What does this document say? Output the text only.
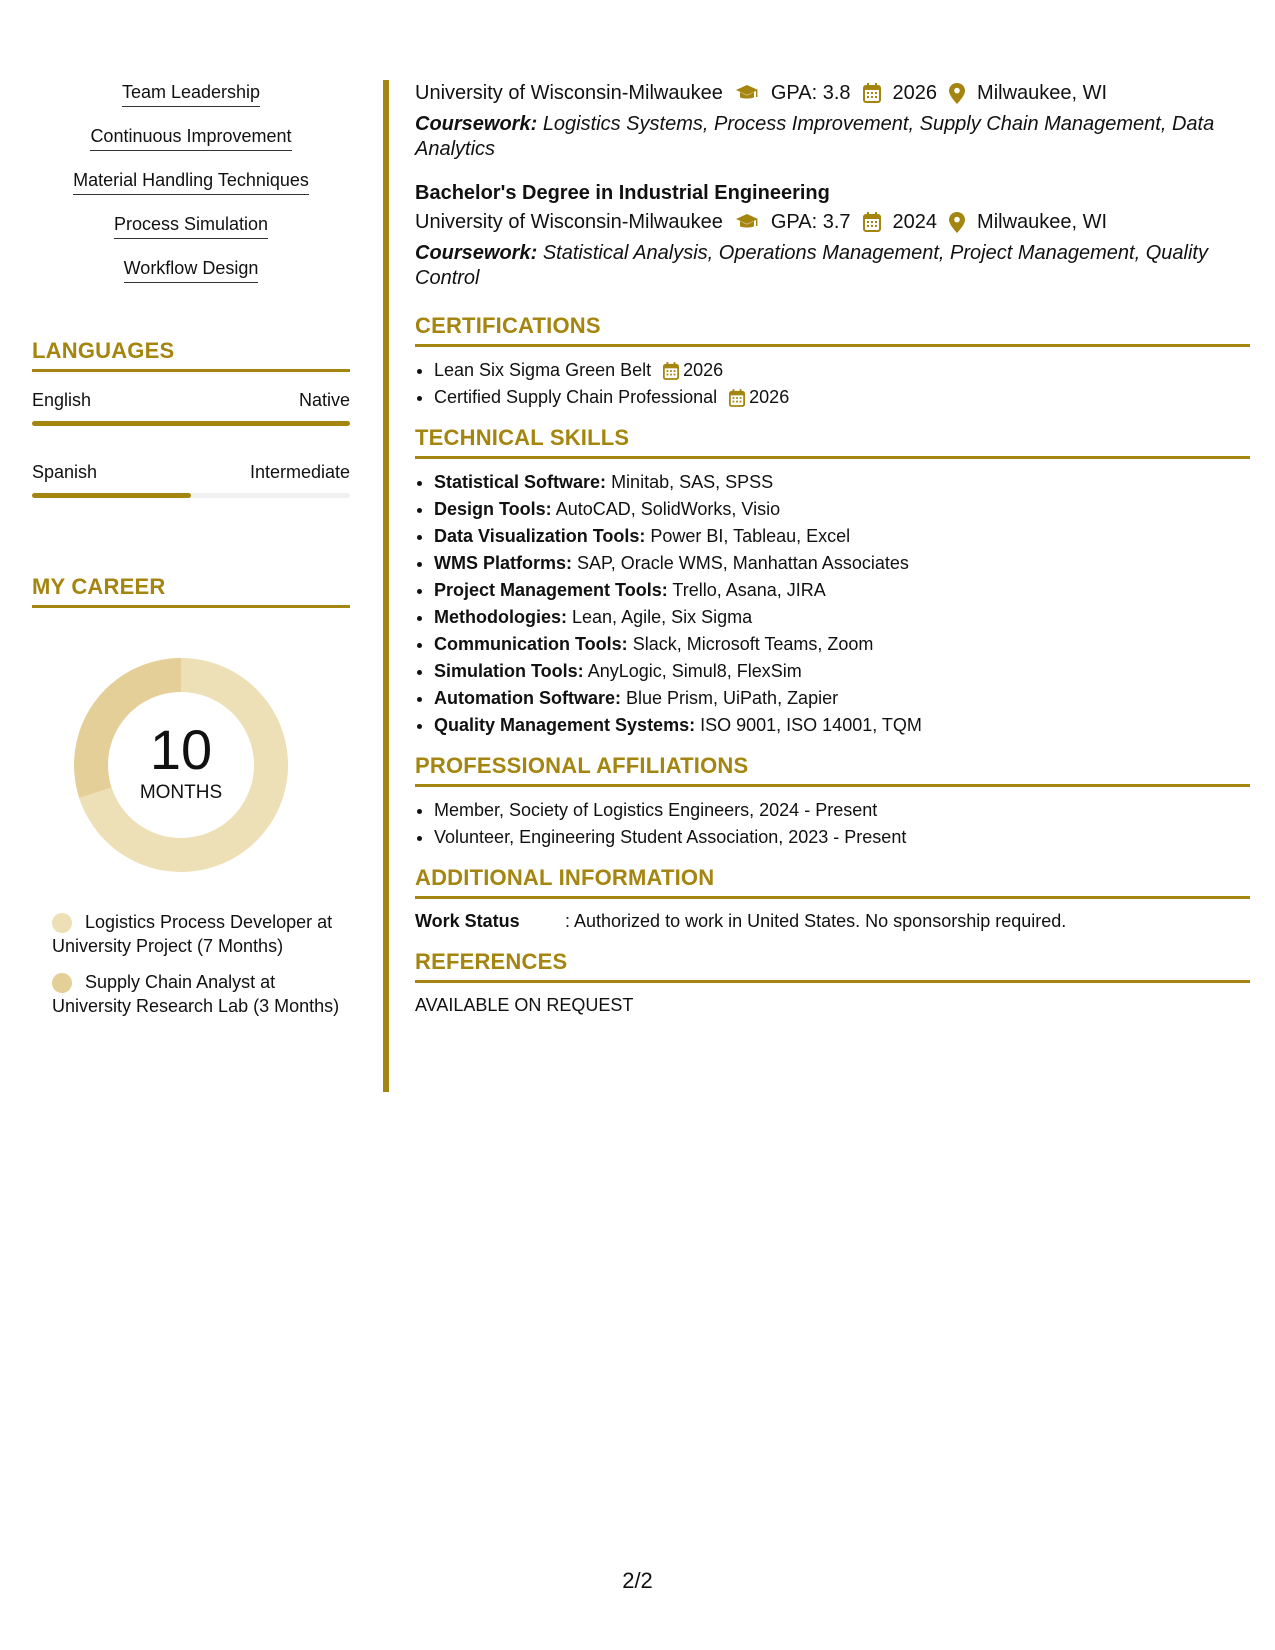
Team Leadership
Continuous Improvement
Material Handling Techniques
Process Simulation
Workflow Design
LANGUAGES
English	Native
Spanish	Intermediate
MY CAREER
10
MONTHS
Logistics Process Developer at University Project (7 Months)
Supply Chain Analyst at University Research Lab (3 Months)
University of Wisconsin-Milwaukee GPA: 3.8 2026 Milwaukee, WI
Coursework: Logistics Systems, Process Improvement, Supply Chain Management, Data Analytics
Bachelor's Degree in Industrial Engineering
University of Wisconsin-Milwaukee GPA: 3.7 2024 Milwaukee, WI
Coursework: Statistical Analysis, Operations Management, Project Management, Quality Control
CERTIFICATIONS
• Lean Six Sigma Green Belt 2026
• Certified Supply Chain Professional 2026
TECHNICAL SKILLS
• Statistical Software: Minitab, SAS, SPSS
• Design Tools: AutoCAD, SolidWorks, Visio
• Data Visualization Tools: Power BI, Tableau, Excel
• WMS Platforms: SAP, Oracle WMS, Manhattan Associates
• Project Management Tools: Trello, Asana, JIRA
• Methodologies: Lean, Agile, Six Sigma
• Communication Tools: Slack, Microsoft Teams, Zoom
• Simulation Tools: AnyLogic, Simul8, FlexSim
• Automation Software: Blue Prism, UiPath, Zapier
• Quality Management Systems: ISO 9001, ISO 14001, TQM
PROFESSIONAL AFFILIATIONS
• Member, Society of Logistics Engineers, 2024 - Present
• Volunteer, Engineering Student Association, 2023 - Present
ADDITIONAL INFORMATION
Work Status	: Authorized to work in United States. No sponsorship required.
REFERENCES
AVAILABLE ON REQUEST
2/2
